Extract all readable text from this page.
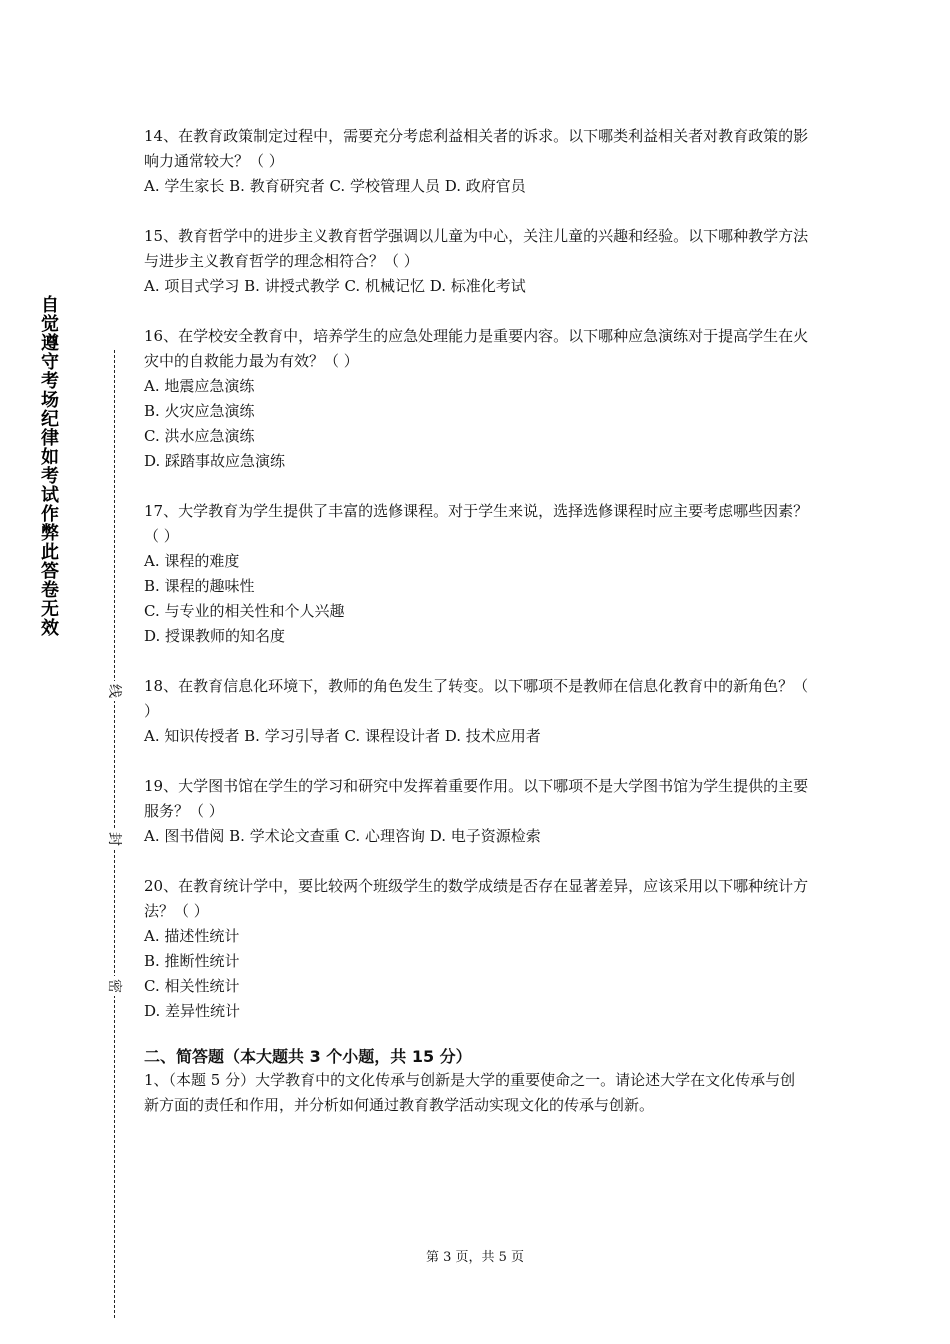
自觉遵守考场纪律如考试作弊此答卷无效
线
封
密

14、在教育政策制定过程中，需要充分考虑利益相关者的诉求。以下哪类利益相关者对教育政策的影响力通常较大？（ ）

A. 学生家长 B. 教育研究者 C. 学校管理人员 D. 政府官员

15、教育哲学中的进步主义教育哲学强调以儿童为中心，关注儿童的兴趣和经验。以下哪种教学方法与进步主义教育哲学的理念相符合？（ ）

A. 项目式学习 B. 讲授式教学 C. 机械记忆 D. 标准化考试

16、在学校安全教育中，培养学生的应急处理能力是重要内容。以下哪种应急演练对于提高学生在火灾中的自救能力最为有效？（ ）

A. 地震应急演练

B. 火灾应急演练

C. 洪水应急演练

D. 踩踏事故应急演练

17、大学教育为学生提供了丰富的选修课程。对于学生来说，选择选修课程时应主要考虑哪些因素？（ ）

A. 课程的难度

B. 课程的趣味性

C. 与专业的相关性和个人兴趣

D. 授课教师的知名度

18、在教育信息化环境下，教师的角色发生了转变。以下哪项不是教师在信息化教育中的新角色？（ ）

A. 知识传授者 B. 学习引导者 C. 课程设计者 D. 技术应用者

19、大学图书馆在学生的学习和研究中发挥着重要作用。以下哪项不是大学图书馆为学生提供的主要服务？（ ）

A. 图书借阅 B. 学术论文查重 C. 心理咨询 D. 电子资源检索

20、在教育统计学中，要比较两个班级学生的数学成绩是否存在显著差异，应该采用以下哪种统计方法？（ ）

A. 描述性统计

B. 推断性统计

C. 相关性统计

D. 差异性统计

二、简答题（本大题共 3 个小题，共 15 分）

1、（本题 5 分）大学教育中的文化传承与创新是大学的重要使命之一。请论述大学在文化传承与创新方面的责任和作用，并分析如何通过教育教学活动实现文化的传承与创新。

第 3 页，共 5 页
